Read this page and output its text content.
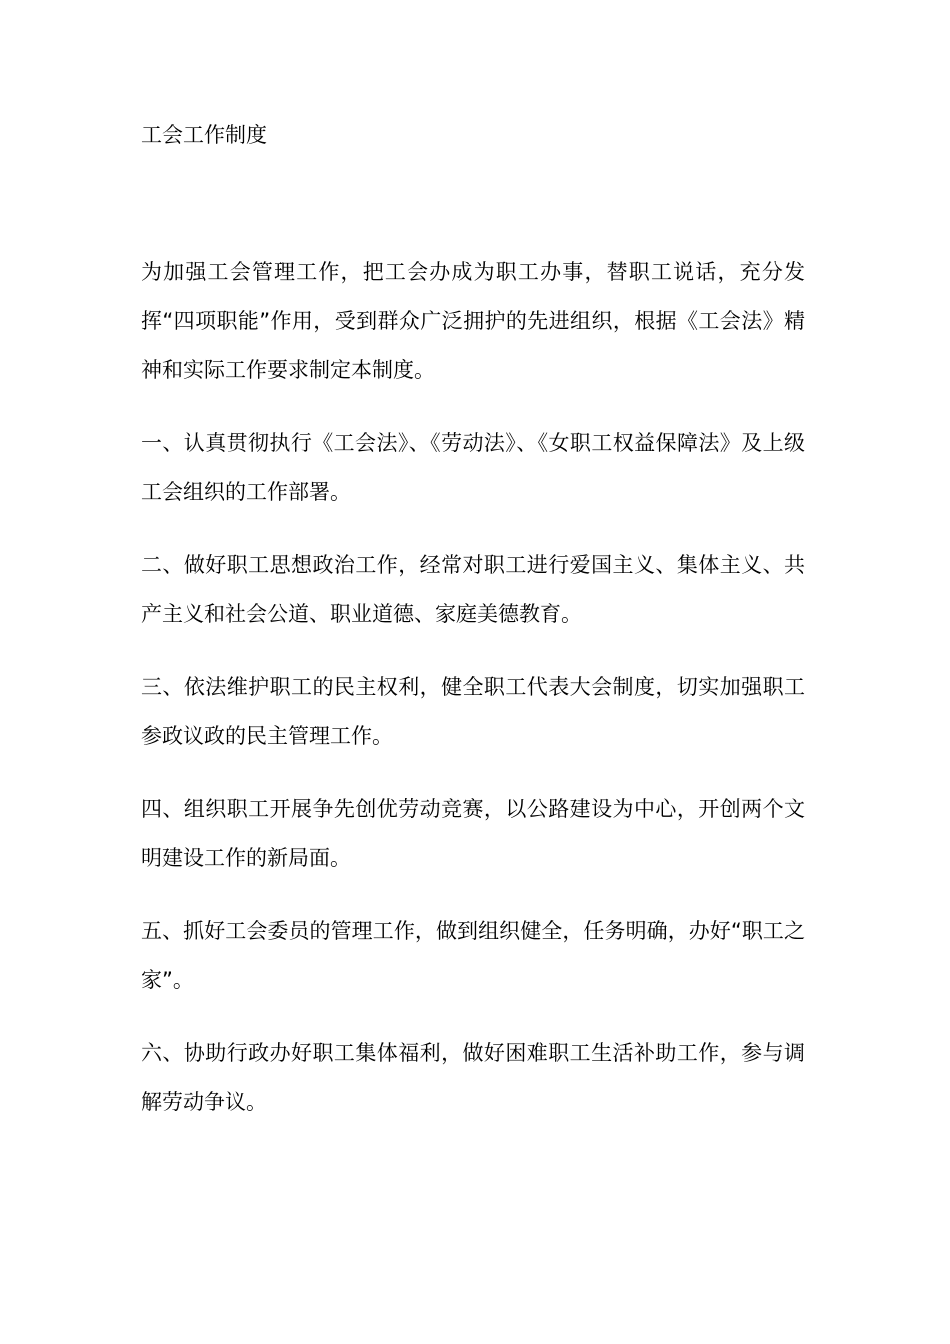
工会工作制度

为加强工会管理工作，把工会办成为职工办事，替职工说话，充分发挥“四项职能”作用，受到群众广泛拥护的先进组织，根据《工会法》精神和实际工作要求制定本制度。

一、认真贯彻执行《工会法》、《劳动法》、《女职工权益保障法》及上级工会组织的工作部署。

二、做好职工思想政治工作，经常对职工进行爱国主义、集体主义、共产主义和社会公道、职业道德、家庭美德教育。

三、依法维护职工的民主权利，健全职工代表大会制度，切实加强职工参政议政的民主管理工作。

四、组织职工开展争先创优劳动竞赛，以公路建设为中心，开创两个文明建设工作的新局面。

五、抓好工会委员的管理工作，做到组织健全，任务明确，办好“职工之家”。

六、协助行政办好职工集体福利，做好困难职工生活补助工作，参与调解劳动争议。
